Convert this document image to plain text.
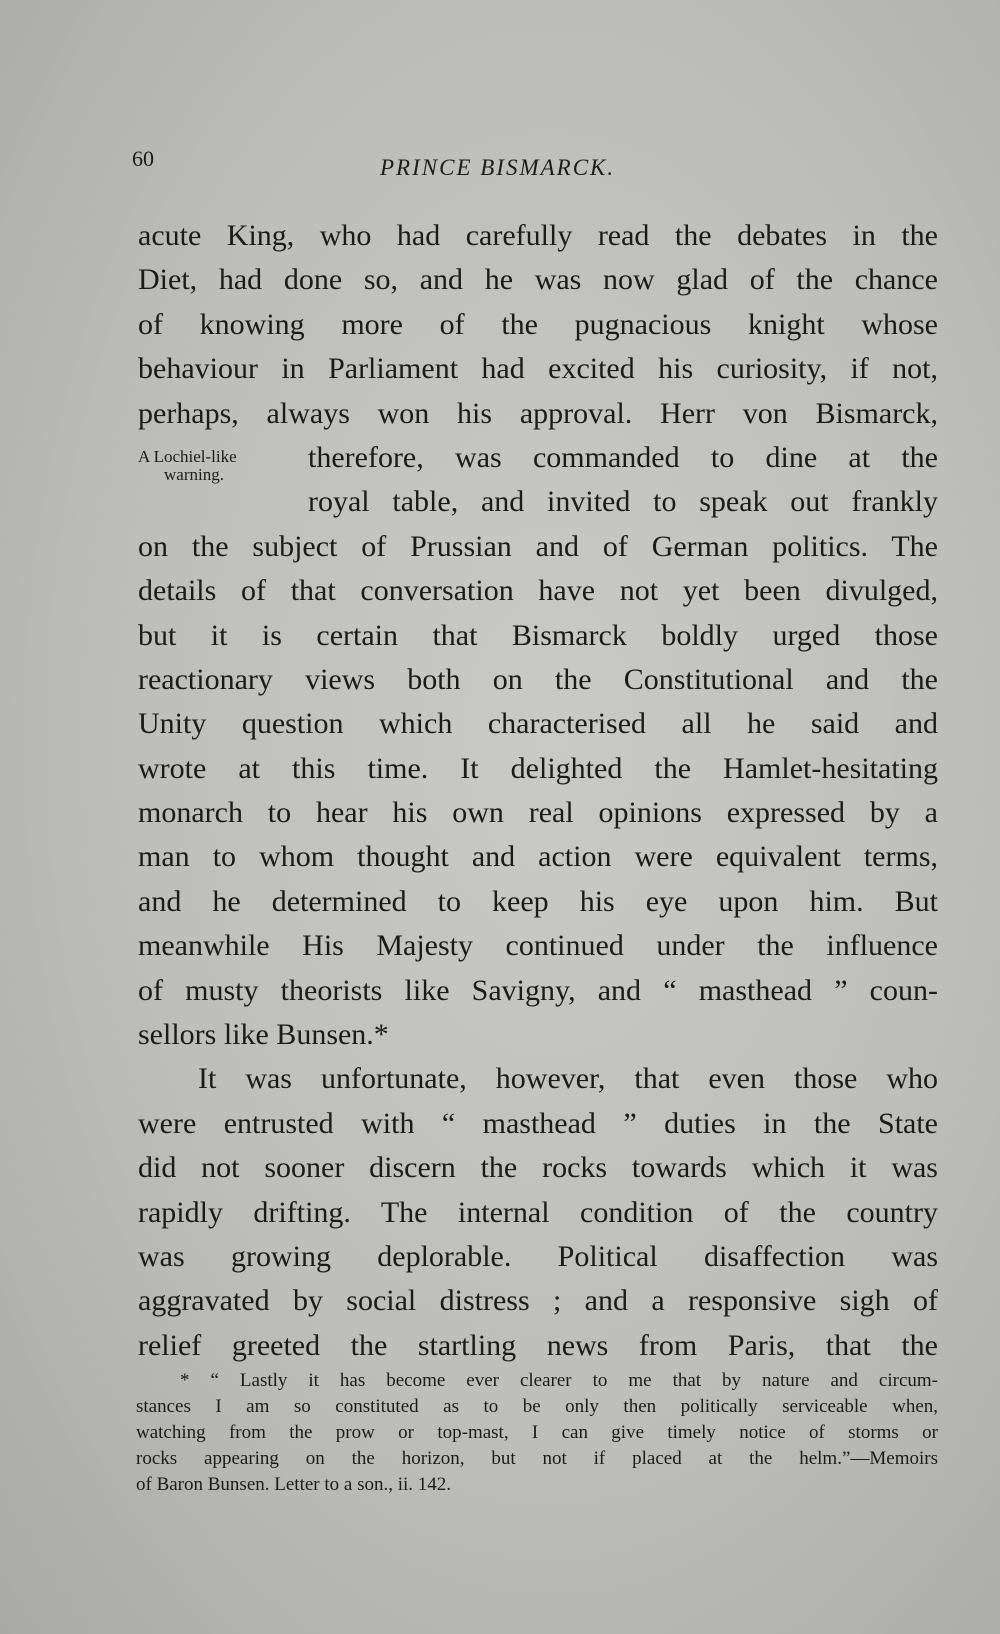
60	PRINCE BISMARCK.
A Lochiel-like
warning.
acute King, who had carefully read the debates in the
Diet, had done so, and he was now glad of the chance
of knowing more of the pugnacious knight whose
behaviour in Parliament had excited his curiosity, if not,
perhaps, always won his approval. Herr von Bismarck,
therefore, was commanded to dine at the
royal table, and invited to speak out frankly
on the subject of Prussian and of German politics. The
details of that conversation have not yet been divulged,
but it is certain that Bismarck boldly urged those
reactionary views both on the Constitutional and the
Unity question which characterised all he said and
wrote at this time. It delighted the Hamlet-hesitating
monarch to hear his own real opinions expressed by a
man to whom thought and action were equivalent terms,
and he determined to keep his eye upon him. But
meanwhile His Majesty continued under the influence
of musty theorists like Savigny, and “ masthead ” coun-
sellors like Bunsen.*
It was unfortunate, however, that even those who
were entrusted with “ masthead ” duties in the State
did not sooner discern the rocks towards which it was
rapidly drifting. The internal condition of the country
was growing deplorable. Political disaffection was
aggravated by social distress ; and a responsive sigh of
relief greeted the startling news from Paris, that the
* “ Lastly it has become ever clearer to me that by nature and circum-
stances I am so constituted as to be only then politically serviceable when,
watching from the prow or top-mast, I can give timely notice of storms or
rocks appearing on the horizon, but not if placed at the helm.”—Memoirs
of Baron Bunsen. Letter to a son., ii. 142.
